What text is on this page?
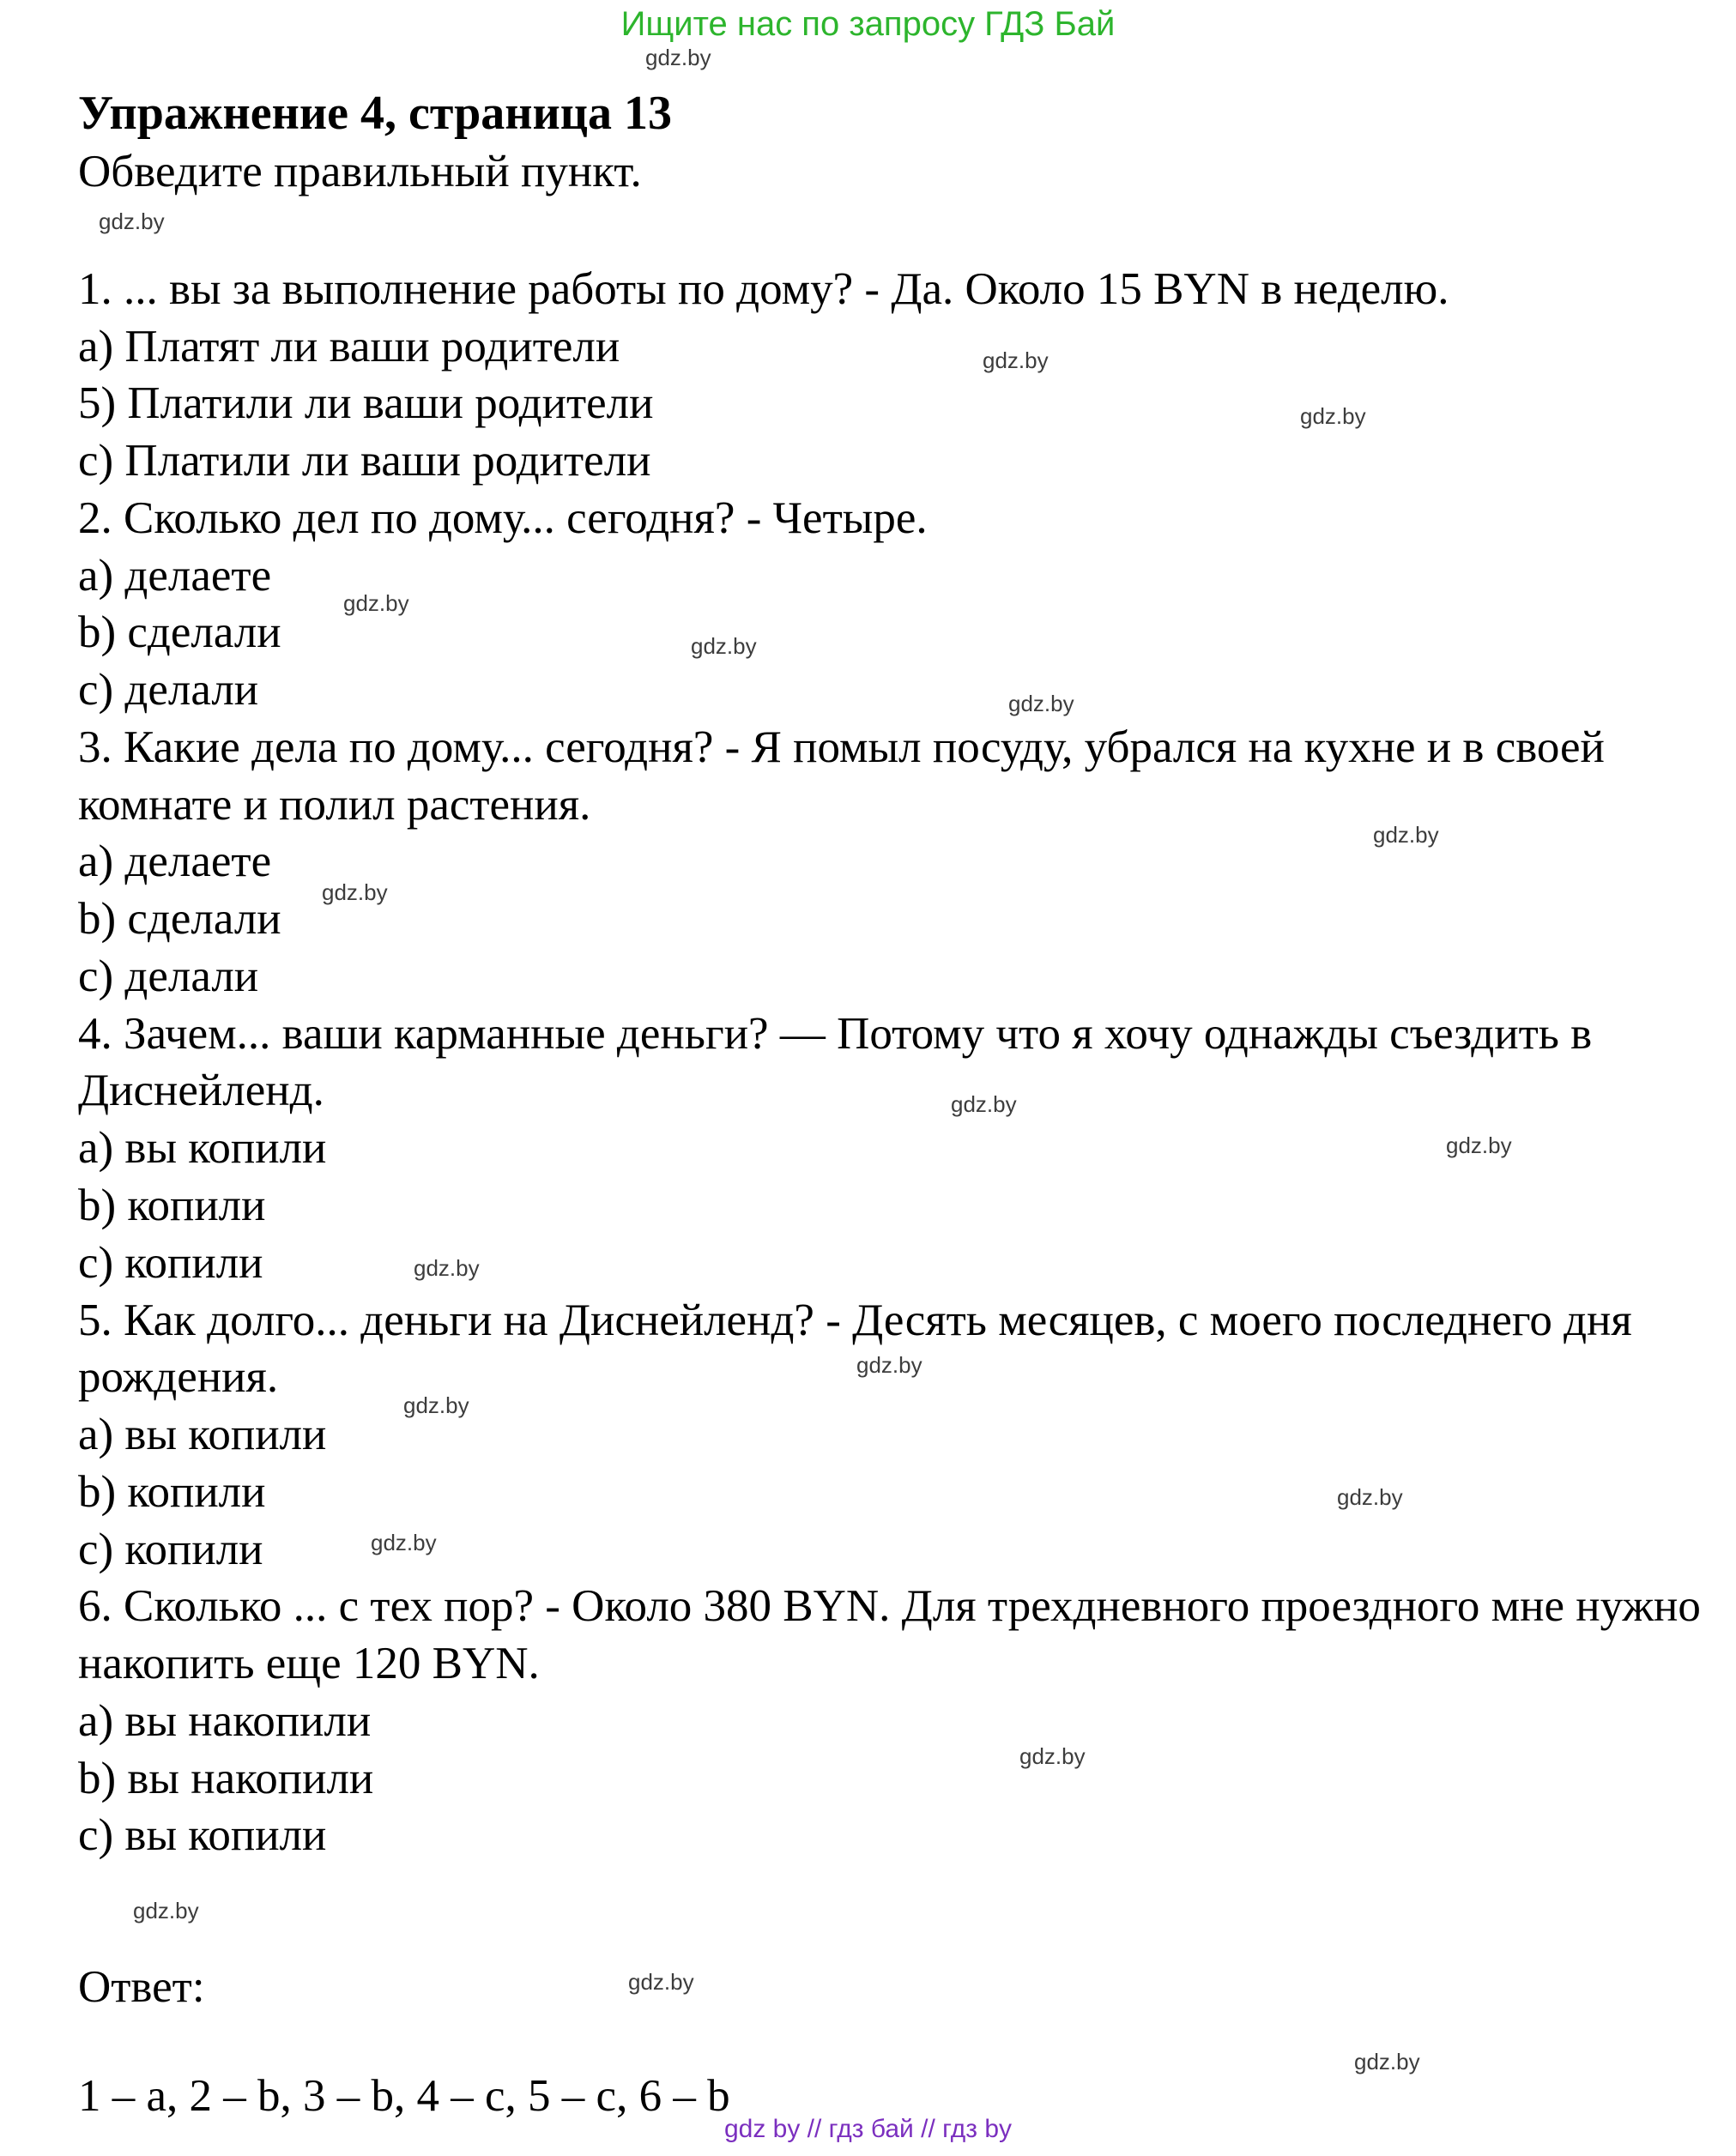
Ищите нас по запросу ГДЗ Бай
Упражнение 4, страница 13
Обведите правильный пункт.
1. ... вы за выполнение работы по дому? - Да. Около 15 BYN в неделю.
a) Платят ли ваши родители
5) Платили ли ваши родители
c) Платили ли ваши родители
2. Сколько дел по дому... сегодня? - Четыре.
a) делаете
b) сделали
c) делали
3. Какие дела по дому... сегодня? - Я помыл посуду, убрался на кухне и в своей комнате и полил растения.
a) делаете
b) сделали
c) делали
4. Зачем... ваши карманные деньги? — Потому что я хочу однажды съездить в Диснейленд.
a) вы копили
b) копили
c) копили
5. Как долго... деньги на Диснейленд? - Десять месяцев, с моего последнего дня рождения.
a) вы копили
b) копили
c) копили
6. Сколько ... с тех пор? - Около 380 BYN. Для трехдневного проездного мне нужно накопить еще 120 BYN.
a) вы накопили
b) вы накопили
c) вы копили
Ответ:
1 – a, 2 – b, 3 – b, 4 – c, 5 – c, 6 – b
gdz.by
gdz.by
gdz.by
gdz.by
gdz.by
gdz.by
gdz.by
gdz.by
gdz.by
gdz.by
gdz.by
gdz.by
gdz.by
gdz.by
gdz.by
gdz.by
gdz.by
gdz.by
gdz.by
gdz.by
gdz by // гдз бай // гдз by
